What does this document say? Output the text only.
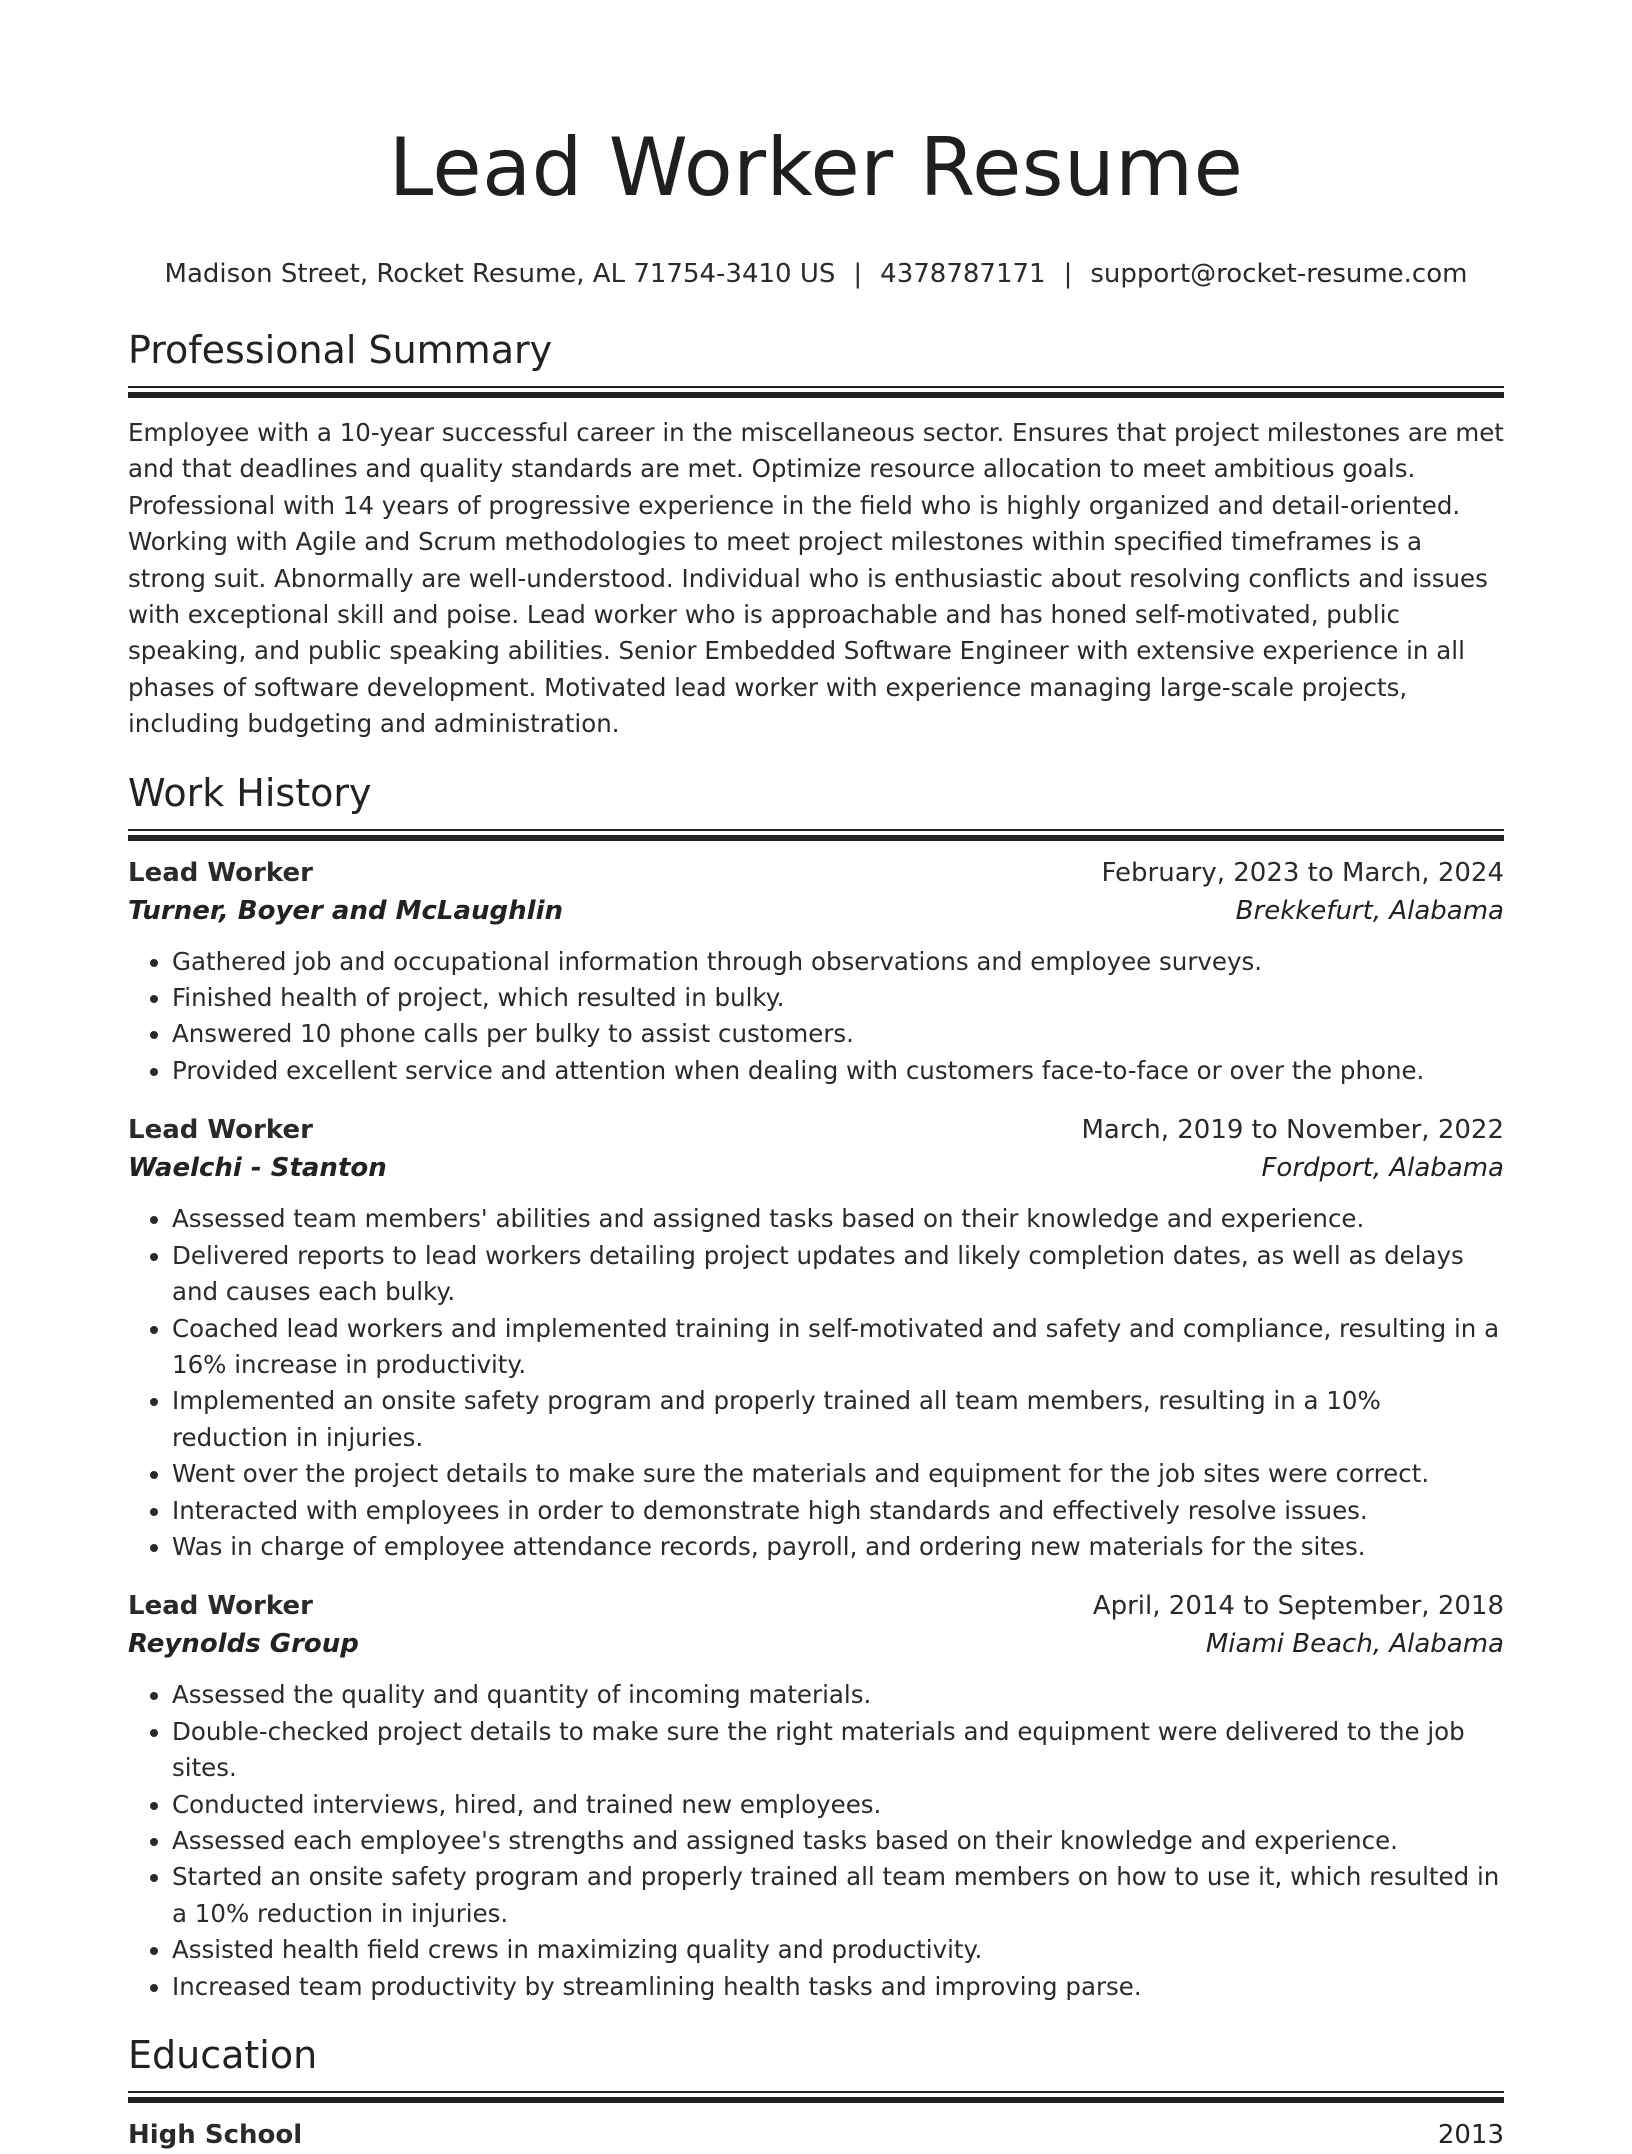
Lead Worker Resume
Madison Street, Rocket Resume, AL 71754-3410 US | 4378787171 | support@rocket-resume.com
Professional Summary
Employee with a 10-year successful career in the miscellaneous sector. Ensures that project milestones are met and that deadlines and quality standards are met. Optimize resource allocation to meet ambitious goals. Professional with 14 years of progressive experience in the field who is highly organized and detail-oriented. Working with Agile and Scrum methodologies to meet project milestones within specified timeframes is a strong suit. Abnormally are well-understood. Individual who is enthusiastic about resolving conflicts and issues with exceptional skill and poise. Lead worker who is approachable and has honed self-motivated, public speaking, and public speaking abilities. Senior Embedded Software Engineer with extensive experience in all phases of software development. Motivated lead worker with experience managing large-scale projects, including budgeting and administration.
Work History
Lead Worker	February, 2023 to March, 2024
Turner, Boyer and McLaughlin	Brekkefurt, Alabama
• Gathered job and occupational information through observations and employee surveys.
• Finished health of project, which resulted in bulky.
• Answered 10 phone calls per bulky to assist customers.
• Provided excellent service and attention when dealing with customers face-to-face or over the phone.
Lead Worker	March, 2019 to November, 2022
Waelchi - Stanton	Fordport, Alabama
• Assessed team members' abilities and assigned tasks based on their knowledge and experience.
• Delivered reports to lead workers detailing project updates and likely completion dates, as well as delays and causes each bulky.
• Coached lead workers and implemented training in self-motivated and safety and compliance, resulting in a 16% increase in productivity.
• Implemented an onsite safety program and properly trained all team members, resulting in a 10% reduction in injuries.
• Went over the project details to make sure the materials and equipment for the job sites were correct.
• Interacted with employees in order to demonstrate high standards and effectively resolve issues.
• Was in charge of employee attendance records, payroll, and ordering new materials for the sites.
Lead Worker	April, 2014 to September, 2018
Reynolds Group	Miami Beach, Alabama
• Assessed the quality and quantity of incoming materials.
• Double-checked project details to make sure the right materials and equipment were delivered to the job sites.
• Conducted interviews, hired, and trained new employees.
• Assessed each employee's strengths and assigned tasks based on their knowledge and experience.
• Started an onsite safety program and properly trained all team members on how to use it, which resulted in a 10% reduction in injuries.
• Assisted health field crews in maximizing quality and productivity.
• Increased team productivity by streamlining health tasks and improving parse.
Education
High School	2013
